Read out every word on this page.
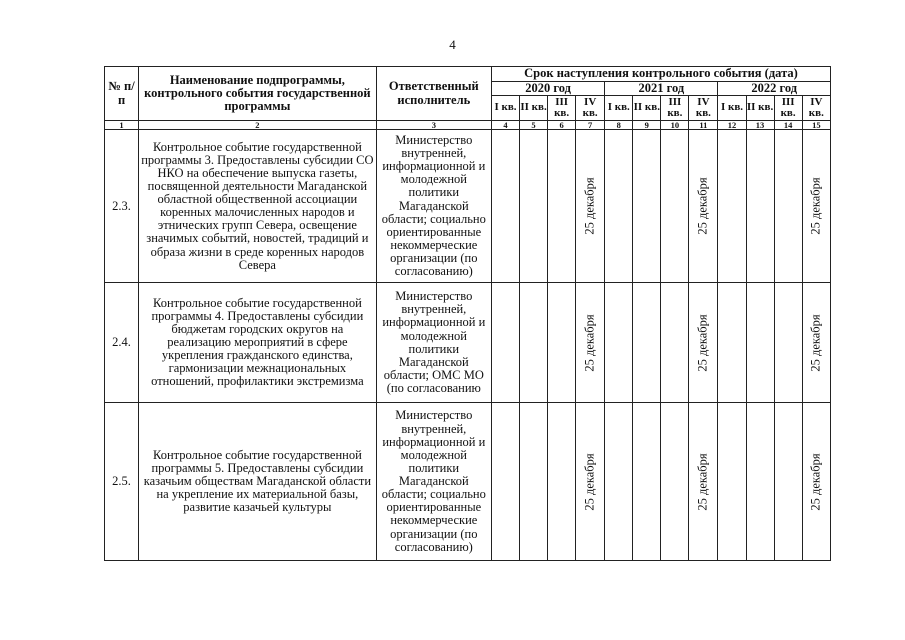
4
№ п/п	Наименование подпрограммы, контрольного события государственной программы	Ответственный исполнитель	Срок наступления контрольного события (дата)											
			2020 год				2021 год				2022 год			
			I кв.	II кв.	III кв.	IV кв.	I кв.	II кв.	III кв.	IV кв.	I кв.	II кв.	III кв.	IV кв.
1	2	3	4	5	6	7	8	9	10	11	12	13	14	15
2.3.	Контрольное событие государственной программы 3. Предоставлены субсидии СО НКО на обеспечение выпуска газеты, посвященной деятельности Магаданской областной общественной ассоциации коренных малочисленных народов и этнических групп Севера, освещение значимых событий, новостей, традиций и образа жизни в среде коренных народов Севера	Министерство внутренней, информационной и молодежной политики Магаданской области; социально ориентированные некоммерческие организации (по согласованию)				25 декабря				25 декабря				25 декабря

2.4.	Контрольное событие государственной программы 4. Предоставлены субсидии бюджетам городских округов на реализацию мероприятий в сфере укрепления гражданского единства, гармонизации межнациональных отношений, профилактики экстремизма	Министерство внутренней, информационной и молодежной политики Магаданской области; ОМС МО (по согласованию				25 декабря				25 декабря				25 декабря

2.5.	Контрольное событие государственной программы 5. Предоставлены субсидии казачьим обществам Магаданской области на укрепление их материальной базы, развитие казачьей культуры	Министерство внутренней, информационной и молодежной политики Магаданской области; социально ориентированные некоммерческие организации (по согласованию)				25 декабря				25 декабря				25 декабря
